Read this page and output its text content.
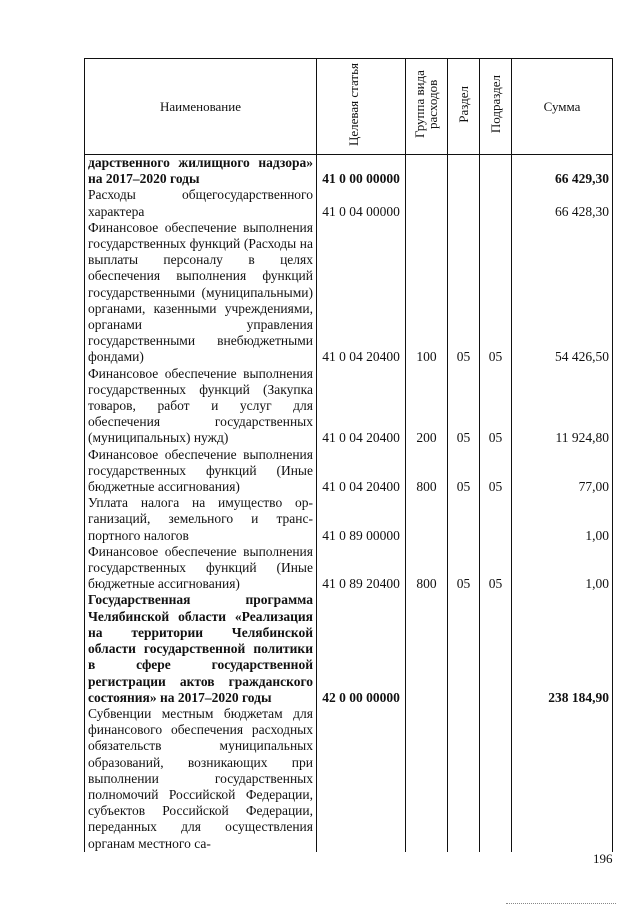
Наименование	Целевая статья	Группа вида расходов	Раздел	Подраздел	Сумма
дарственного жилищного надзора» на 2017–2020 годы	41 0 00 00000				66 429,30
Расходы общегосударственного характера	41 0 04 00000				66 428,30
Финансовое обеспечение выполнения государственных функций (Расходы на выплаты персоналу в целях обеспечения выполнения функций государственными (муниципальными) органами, казенными учреждениями, органами управления государственными внебюджетными фондами)	41 0 04 20400	100	05	05	54 426,50
Финансовое обеспечение выполнения государственных функций (Закупка товаров, работ и услуг для обеспечения государственных (муниципальных) нужд)	41 0 04 20400	200	05	05	11 924,80
Финансовое обеспечение выполнения государственных функций (Иные бюджетные ассигнования)	41 0 04 20400	800	05	05	77,00
Уплата налога на имущество организаций, земельного и транспортного налогов	41 0 89 00000				1,00
Финансовое обеспечение выполнения государственных функций (Иные бюджетные ассигнования)	41 0 89 20400	800	05	05	1,00
Государственная программа Челябинской области «Реализация на территории Челябинской области государственной политики в сфере государственной регистрации актов гражданского состояния» на 2017–2020 годы	42 0 00 00000				238 184,90
Субвенции местным бюджетам для финансового обеспечения расходных обязательств муниципальных образований, возникающих при выполнении государственных полномочий Российской Федерации, субъектов Российской Федерации, переданных для осуществления органам местного са-					
196
